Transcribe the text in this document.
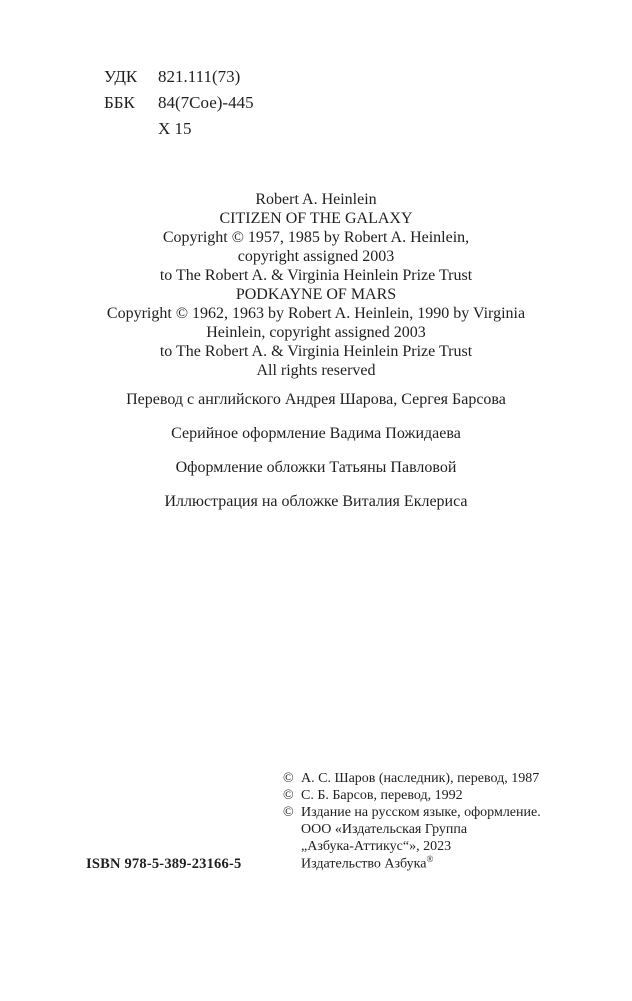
УДК	821.111(73)
ББК	84(7Сое)-445
Х 15
Robert A. Heinlein
CITIZEN OF THE GALAXY
Copyright © 1957, 1985 by Robert A. Heinlein,
copyright assigned 2003
to The Robert A. & Virginia Heinlein Prize Trust
PODKAYNE OF MARS
Copyright © 1962, 1963 by Robert A. Heinlein, 1990 by Virginia
Heinlein, copyright assigned 2003
to The Robert A. & Virginia Heinlein Prize Trust
All rights reserved
Перевод с английского Андрея Шарова, Сергея Барсова
Серийное оформление Вадима Пожидаева
Оформление обложки Татьяны Павловой
Иллюстрация на обложке Виталия Еклериса
© А. С. Шаров (наследник), перевод, 1987
© С. Б. Барсов, перевод, 1992
© Издание на русском языке, оформление.
ООО «Издательская Группа
„Азбука-Аттикус“», 2023
Издательство Азбука®
ISBN 978-5-389-23166-5
